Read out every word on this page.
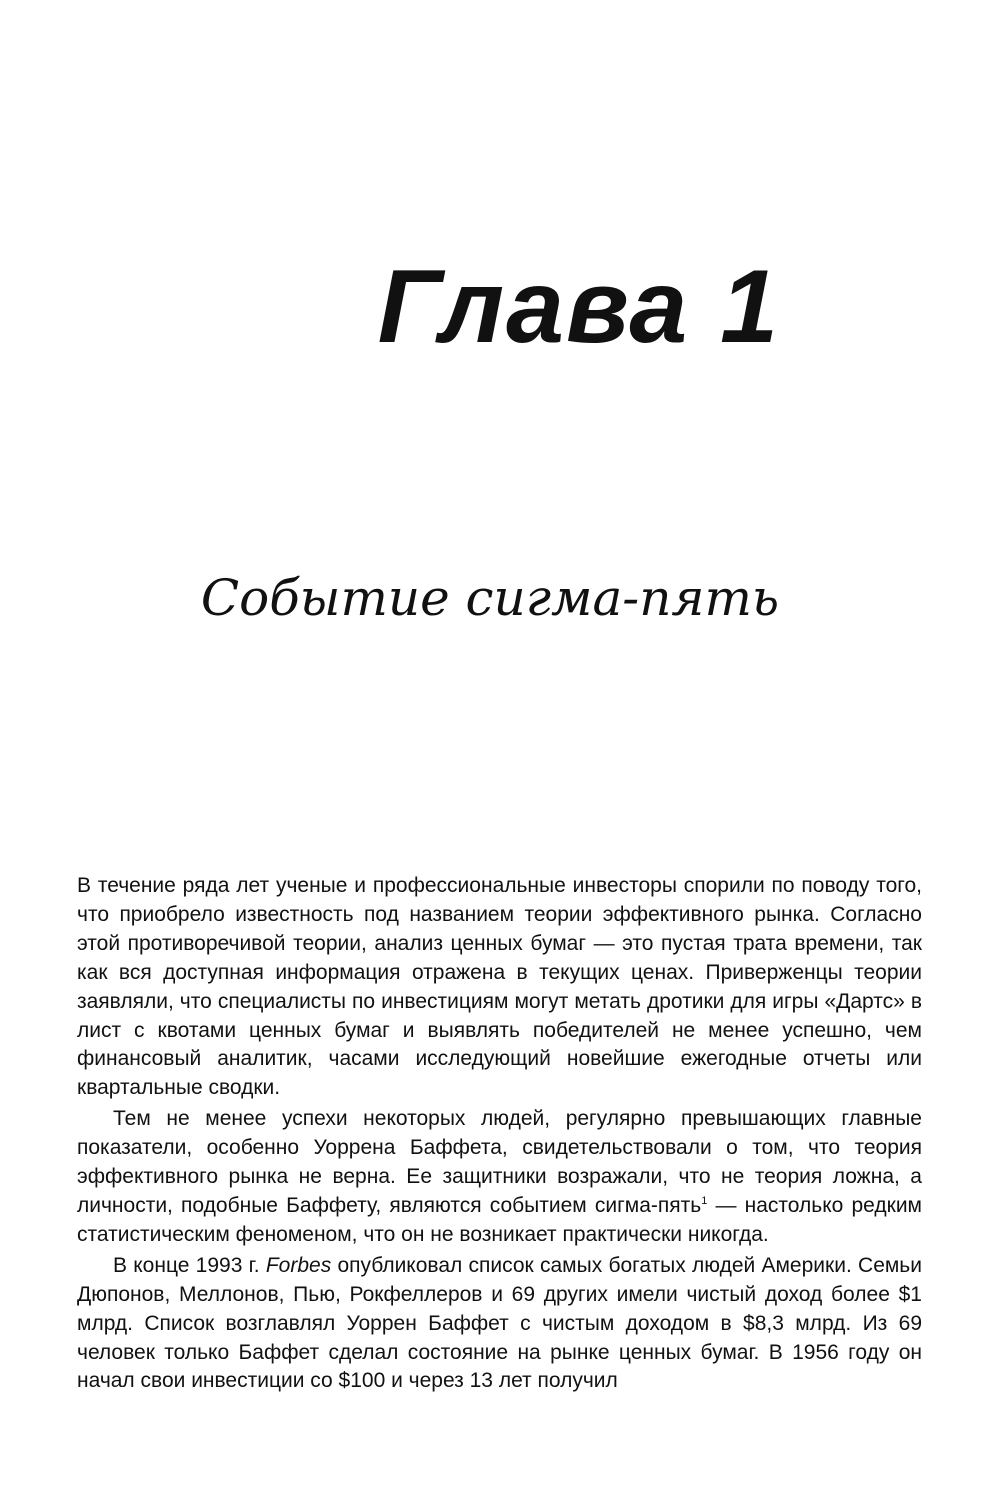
Глава 1
Событие сигма-пять

В течение ряда лет ученые и профессиональные инвесторы спорили по поводу того, что приобрело известность под названием теории эффективного рынка. Согласно этой противоречивой теории, анализ ценных бумаг — это пустая трата времени, так как вся доступная информация отражена в текущих ценах. Приверженцы теории заявляли, что специалисты по инвестициям могут метать дротики для игры «Дартс» в лист с квотами ценных бумаг и выявлять победителей не менее успешно, чем финансовый аналитик, часами исследующий новейшие ежегодные отчеты или квартальные сводки.

Тем не менее успехи некоторых людей, регулярно превышающих главные показатели, особенно Уоррена Баффета, свидетельствовали о том, что теория эффективного рынка не верна. Ее защитники возражали, что не теория ложна, а личности, подобные Баффету, являются событием сигма-пять$^1$ — настолько редким статистическим феноменом, что он не возникает практически никогда.

В конце 1993 г. Forbes опубликовал список самых богатых людей Америки. Семьи Дюпонов, Меллонов, Пью, Рокфеллеров и 69 других имели чистый доход более $1 млрд. Список возглавлял Уоррен Баффет с чистым доходом в $8,3 млрд. Из 69 человек только Баффет сделал состояние на рынке ценных бумаг. В 1956 году он начал свои инвестиции со $100 и через 13 лет получил
